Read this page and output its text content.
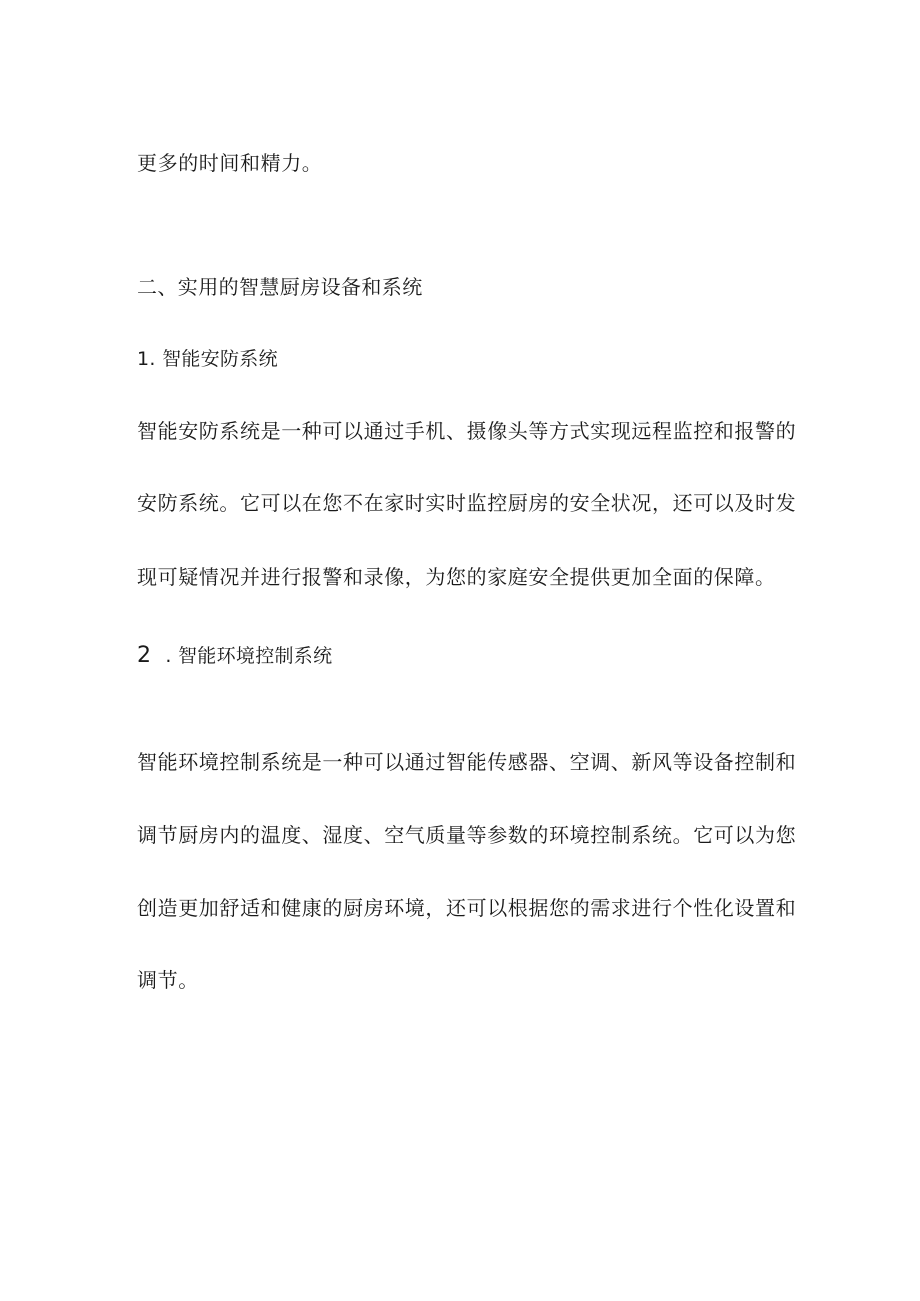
更多的时间和精力。
二、实用的智慧厨房设备和系统
1. 智能安防系统
智能安防系统是一种可以通过手机、摄像头等方式实现远程监控和报警的
安防系统。它可以在您不在家时实时监控厨房的安全状况，还可以及时发
现可疑情况并进行报警和录像，为您的家庭安全提供更加全面的保障。
2 . 智能环境控制系统
智能环境控制系统是一种可以通过智能传感器、空调、新风等设备控制和
调节厨房内的温度、湿度、空气质量等参数的环境控制系统。它可以为您
创造更加舒适和健康的厨房环境，还可以根据您的需求进行个性化设置和
调节。
